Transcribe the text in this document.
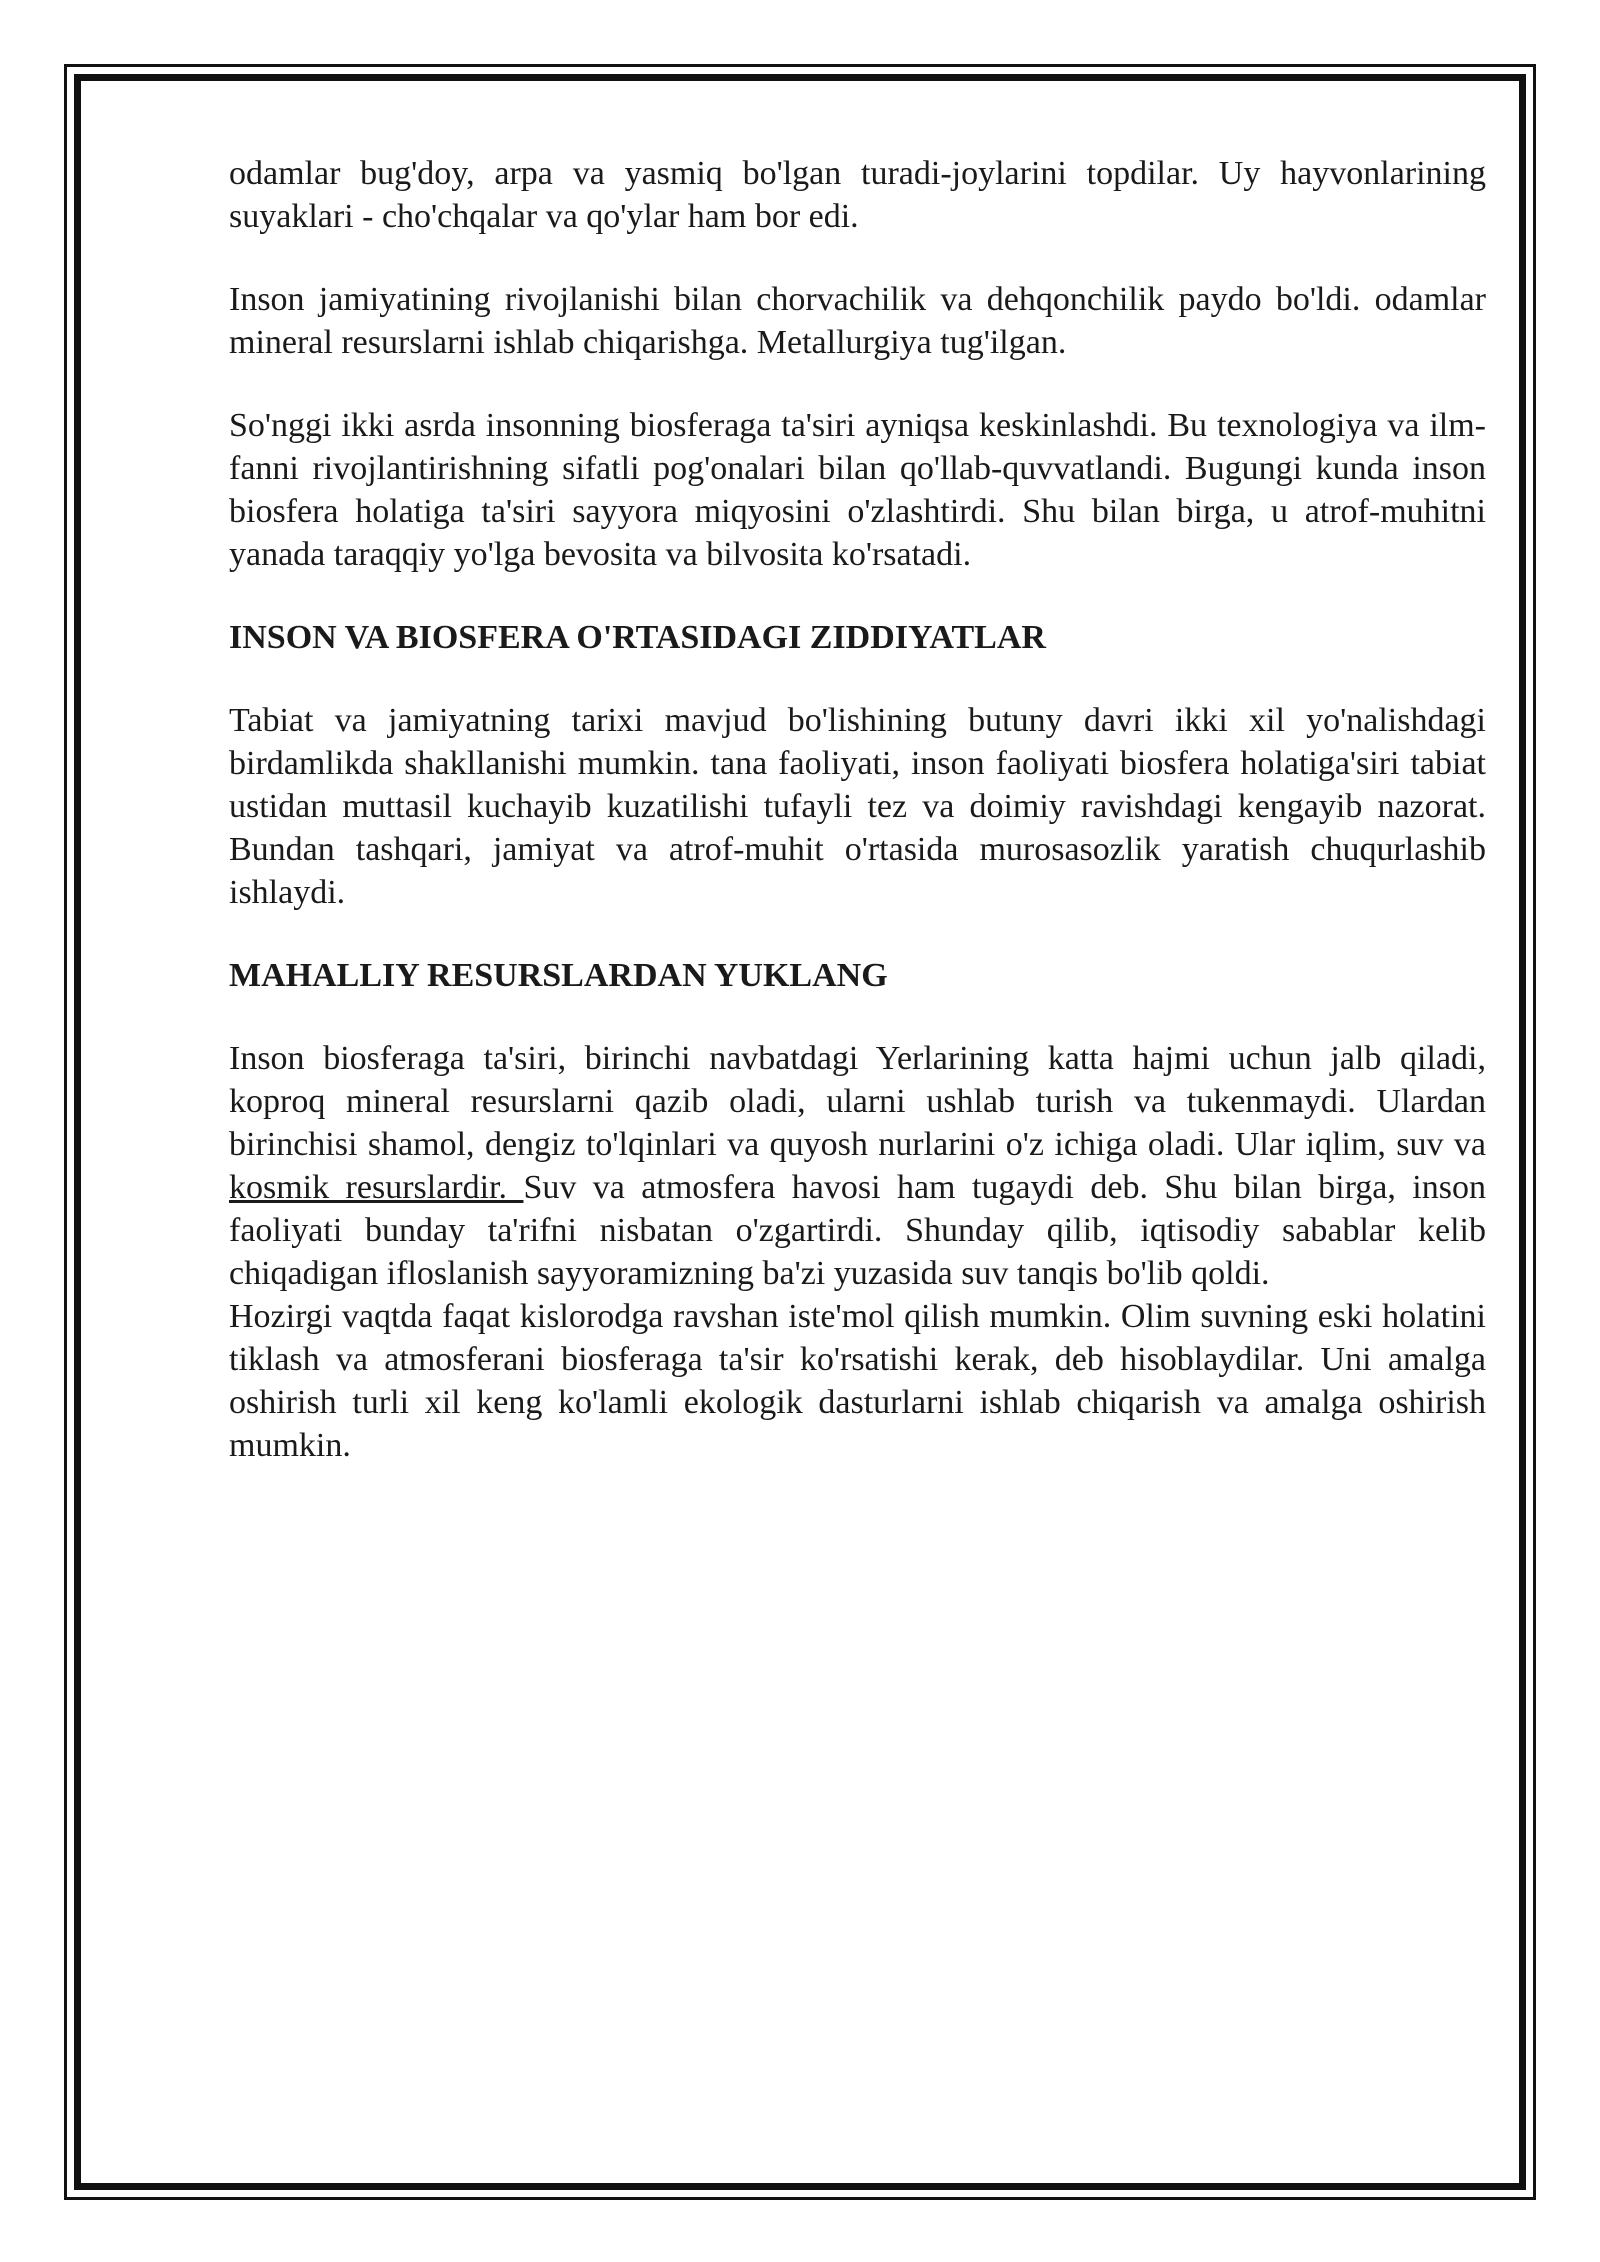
odamlar bug'doy, arpa va yasmiq bo'lgan turadi-joylarini topdilar. Uy hayvonlarining suyaklari - cho'chqalar va qo'ylar ham bor edi.

Inson jamiyatining rivojlanishi bilan chorvachilik va dehqonchilik paydo bo'ldi. odamlar mineral resurslarni ishlab chiqarishga. Metallurgiya tug'ilgan.

So'nggi ikki asrda insonning biosferaga ta'siri ayniqsa keskinlashdi. Bu texnologiya va ilm-fanni rivojlantirishning sifatli pog'onalari bilan qo'llab-quvvatlandi. Bugungi kunda inson biosfera holatiga ta'siri sayyora miqyosini o'zlashtirdi. Shu bilan birga, u atrof-muhitni yanada taraqqiy yo'lga bevosita va bilvosita ko'rsatadi.

INSON VA BIOSFERA O'RTASIDAGI ZIDDIYATLAR

Tabiat va jamiyatning tarixi mavjud bo'lishining butuny davri ikki xil yo'nalishdagi birdamlikda shakllanishi mumkin. tana faoliyati, inson faoliyati biosfera holatiga'siri tabiat ustidan muttasil kuchayib kuzatilishi tufayli tez va doimiy ravishdagi kengayib nazorat. Bundan tashqari, jamiyat va atrof-muhit o'rtasida murosasozlik yaratish chuqurlashib ishlaydi.

MAHALLIY RESURSLARDAN YUKLANG

Inson biosferaga ta'siri, birinchi navbatdagi Yerlarining katta hajmi uchun jalb qiladi, koproq mineral resurslarni qazib oladi, ularni ushlab turish va tukenmaydi. Ulardan birinchisi shamol, dengiz to'lqinlari va quyosh nurlarini o'z ichiga oladi. Ular iqlim, suv va kosmik resurslardir. Suv va atmosfera havosi ham tugaydi deb. Shu bilan birga, inson faoliyati bunday ta'rifni nisbatan o'zgartirdi. Shunday qilib, iqtisodiy sabablar kelib chiqadigan ifloslanish sayyoramizning ba'zi yuzasida suv tanqis bo'lib qoldi.

Hozirgi vaqtda faqat kislorodga ravshan iste'mol qilish mumkin. Olim suvning eski holatini tiklash va atmosferani biosferaga ta'sir ko'rsatishi kerak, deb hisoblaydilar. Uni amalga oshirish turli xil keng ko'lamli ekologik dasturlarni ishlab chiqarish va amalga oshirish mumkin.
